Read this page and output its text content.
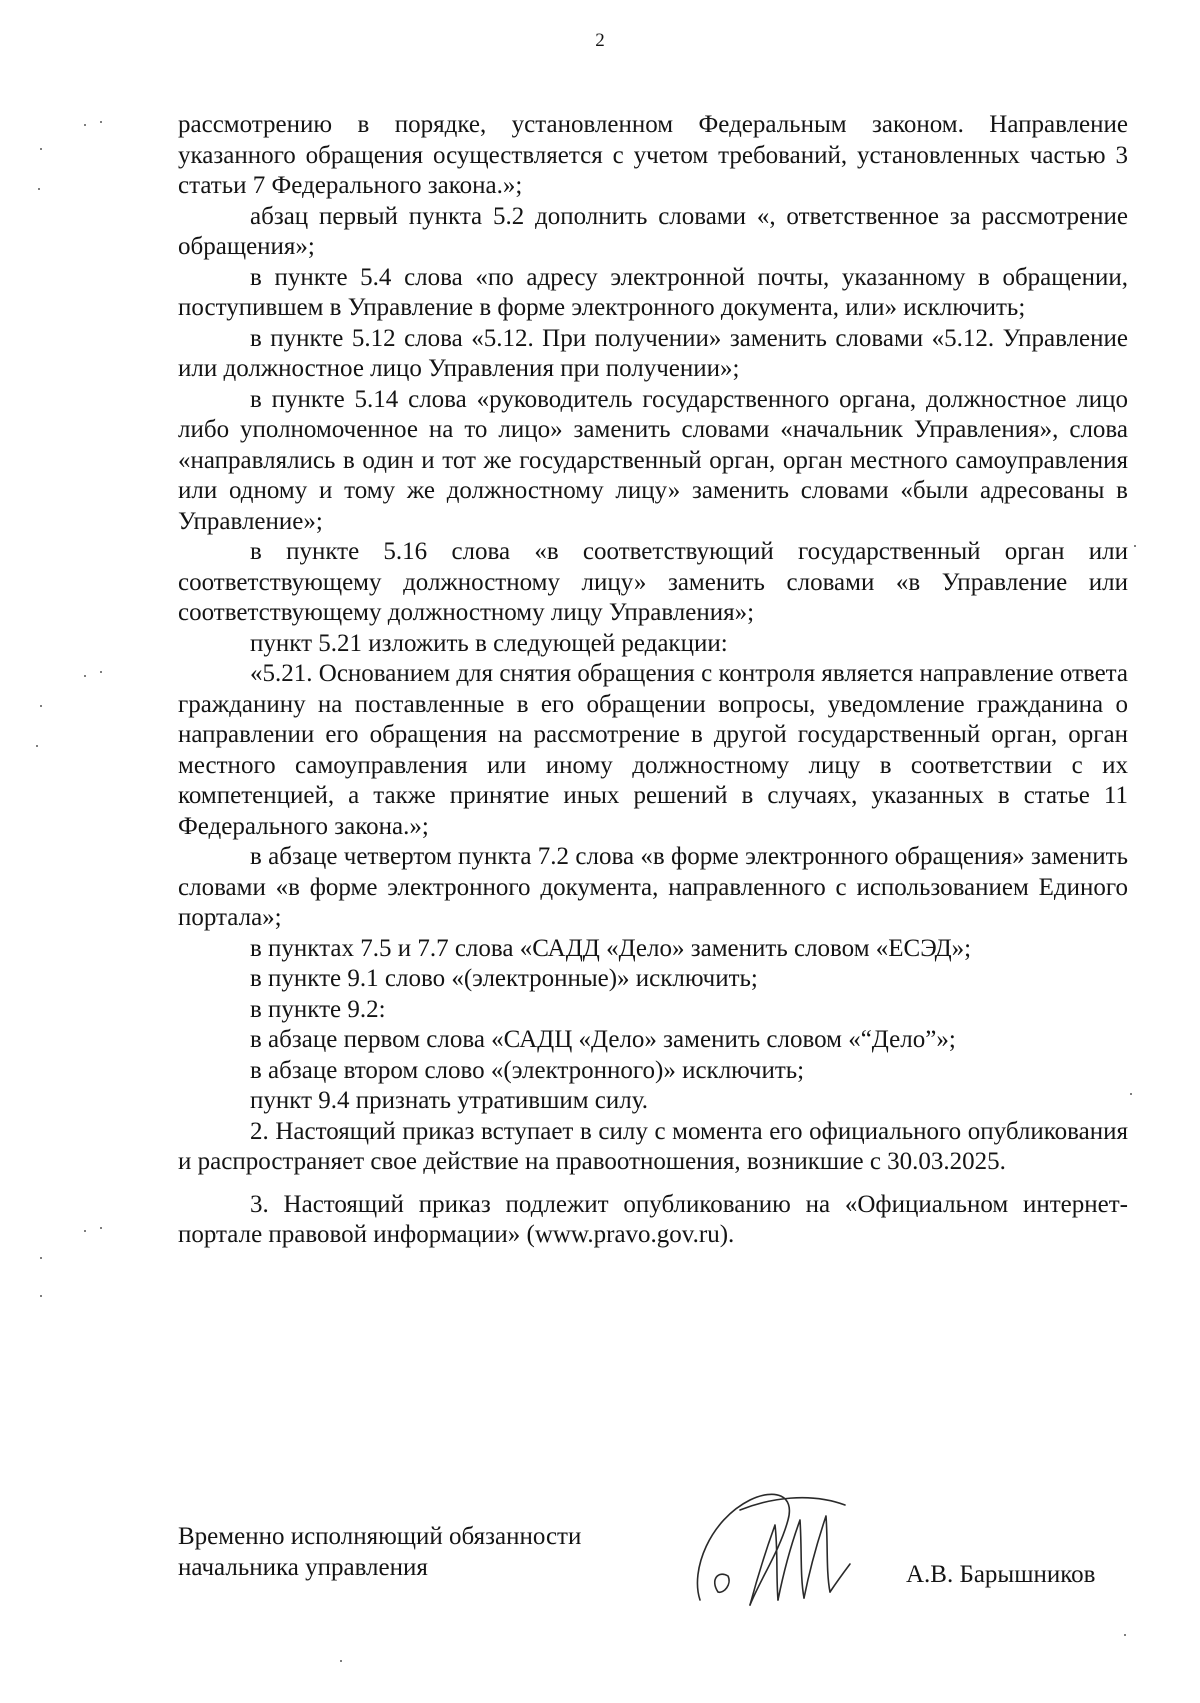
2

рассмотрению в порядке, установленном Федеральным законом. Направление указанного обращения осуществляется с учетом требований, установленных частью 3 статьи 7 Федерального закона.»;

абзац первый пункта 5.2 дополнить словами «, ответственное за рассмотрение обращения»;

в пункте 5.4 слова «по адресу электронной почты, указанному в обращении, поступившем в Управление в форме электронного документа, или» исключить;

в пункте 5.12 слова «5.12. При получении» заменить словами «5.12. Управление или должностное лицо Управления при получении»;

в пункте 5.14 слова «руководитель государственного органа, должностное лицо либо уполномоченное на то лицо» заменить словами «начальник Управления», слова «направлялись в один и тот же государственный орган, орган местного самоуправления или одному и тому же должностному лицу» заменить словами «были адресованы в Управление»;

в пункте 5.16 слова «в соответствующий государственный орган или соответствующему должностному лицу» заменить словами «в Управление или соответствующему должностному лицу Управления»;

пункт 5.21 изложить в следующей редакции:

«5.21. Основанием для снятия обращения с контроля является направление ответа гражданину на поставленные в его обращении вопросы, уведомление гражданина о направлении его обращения на рассмотрение в другой государственный орган, орган местного самоуправления или иному должностному лицу в соответствии с их компетенцией, а также принятие иных решений в случаях, указанных в статье 11 Федерального закона.»;

в абзаце четвертом пункта 7.2 слова «в форме электронного обращения» заменить словами «в форме электронного документа, направленного с использованием Единого портала»;

в пунктах 7.5 и 7.7 слова «САДД «Дело» заменить словом «ЕСЭД»;

в пункте 9.1 слово «(электронные)» исключить;

в пункте 9.2:

в абзаце первом слова «САДЦ «Дело» заменить словом «“Дело”»;

в абзаце втором слово «(электронного)» исключить;

пункт 9.4 признать утратившим силу.

2. Настоящий приказ вступает в силу с момента его официального опубликования и распространяет свое действие на правоотношения, возникшие с 30.03.2025.

3. Настоящий приказ подлежит опубликованию на «Официальном интернет-портале правовой информации» (www.pravo.gov.ru).

Временно исполняющий обязанности
начальника управления	А.В. Барышников
